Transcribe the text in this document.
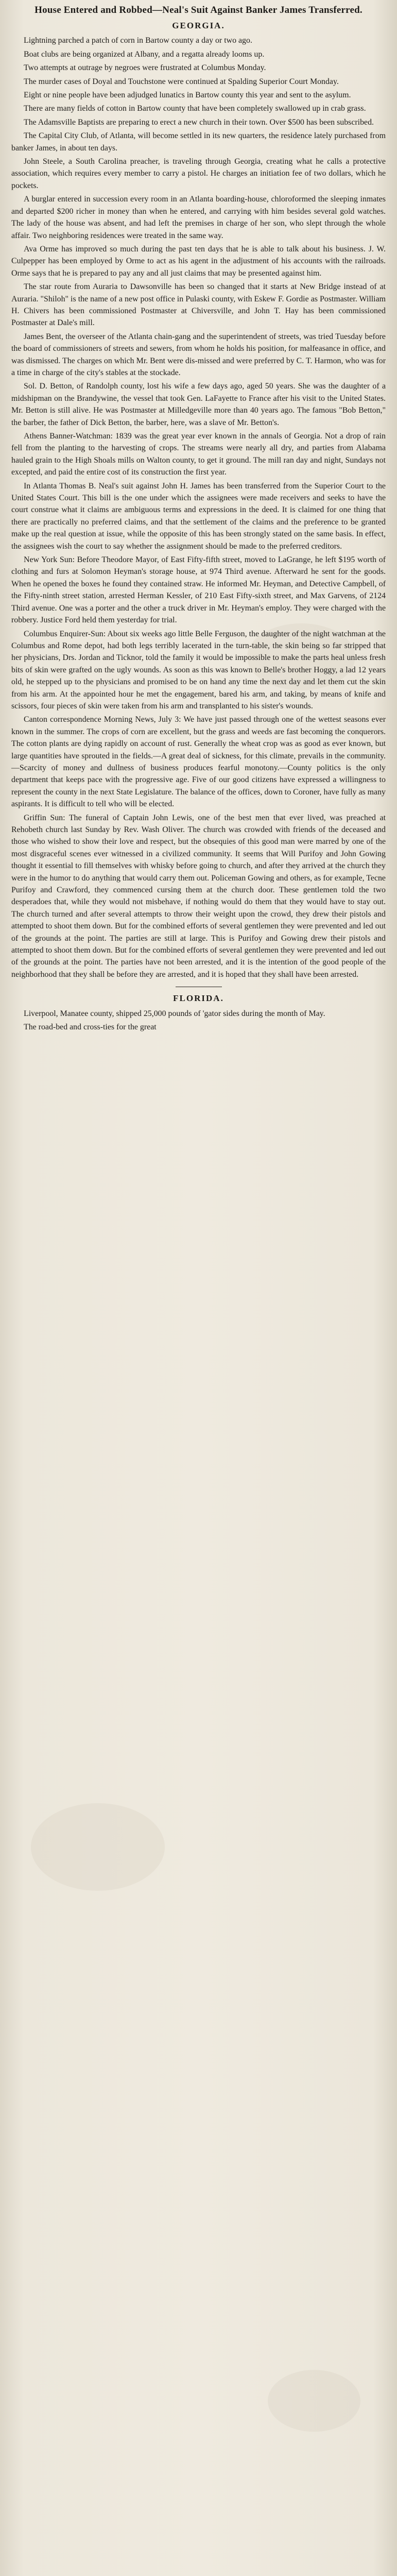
House Entered and Robbed—Neal's Suit Against Banker James Transferred.
GEORGIA.

Lightning parched a patch of corn in Bartow county a day or two ago.

Boat clubs are being organized at Albany, and a regatta already looms up.

Two attempts at outrage by negroes were frustrated at Columbus Monday.

The murder cases of Doyal and Touchstone were continued at Spalding Superior Court Monday.

Eight or nine people have been adjudged lunatics in Bartow county this year and sent to the asylum.

There are many fields of cotton in Bartow county that have been completely swallowed up in crab grass.

The Adamsville Baptists are preparing to erect a new church in their town. Over $500 has been subscribed.

The Capital City Club, of Atlanta, will become settled in its new quarters, the residence lately purchased from banker James, in about ten days.

John Steele, a South Carolina preacher, is traveling through Georgia, creating what he calls a protective association, which requires every member to carry a pistol. He charges an initiation fee of two dollars, which he pockets.

A burglar entered in succession every room in an Atlanta boarding-house, chloroformed the sleeping inmates and departed $200 richer in money than when he entered, and carrying with him besides several gold watches. The lady of the house was absent, and had left the premises in charge of her son, who slept through the whole affair. Two neighboring residences were treated in the same way.

Ava Orme has improved so much during the past ten days that he is able to talk about his business. J. W. Culpepper has been employed by Orme to act as his agent in the adjustment of his accounts with the railroads. Orme says that he is prepared to pay any and all just claims that may be presented against him.

The star route from Auraria to Dawsonville has been so changed that it starts at New Bridge instead of at Auraria. "Shiloh" is the name of a new post office in Pulaski county, with Eskew F. Gordie as Postmaster. William H. Chivers has been commissioned Postmaster at Chiversville, and John T. Hay has been commissioned Postmaster at Dale's mill.

James Bent, the overseer of the Atlanta chain-gang and the superintendent of streets, was tried Tuesday before the board of commissioners of streets and sewers, from whom he holds his position, for malfeasance in office, and was dismissed. The charges on which Mr. Bent were dis-missed and were preferred by C. T. Harmon, who was for a time in charge of the city's stables at the stockade.

Sol. D. Betton, of Randolph county, lost his wife a few days ago, aged 50 years. She was the daughter of a midshipman on the Brandywine, the vessel that took Gen. LaFayette to France after his visit to the United States. Mr. Betton is still alive. He was Postmaster at Milledgeville more than 40 years ago. The famous "Bob Betton," the barber, the father of Dick Betton, the barber, here, was a slave of Mr. Betton's.

Athens Banner-Watchman: 1839 was the great year ever known in the annals of Georgia. Not a drop of rain fell from the planting to the harvesting of crops. The streams were nearly all dry, and parties from Alabama hauled grain to the High Shoals mills on Walton county, to get it ground. The mill ran day and night, Sundays not excepted, and paid the entire cost of its construction the first year.

In Atlanta Thomas B. Neal's suit against John H. James has been transferred from the Superior Court to the United States Court. This bill is the one under which the assignees were made receivers and seeks to have the court construe what it claims are ambiguous terms and expressions in the deed. It is claimed for one thing that there are practically no preferred claims, and that the settlement of the claims and the preference to be granted make up the real question at issue, while the opposite of this has been strongly stated on the same basis. In effect, the assignees wish the court to say whether the assignment should be made to the preferred creditors.

New York Sun: Before Theodore Mayor, of East Fifty-fifth street, moved to LaGrange, he left $195 worth of clothing and furs at Solomon Heyman's storage house, at 974 Third avenue. Afterward he sent for the goods. When he opened the boxes he found they contained straw. He informed Mr. Heyman, and Detective Campbell, of the Fifty-ninth street station, arrested Herman Kessler, of 210 East Fifty-sixth street, and Max Garvens, of 2124 Third avenue. One was a porter and the other a truck driver in Mr. Heyman's employ. They were charged with the robbery. Justice Ford held them yesterday for trial.

Columbus Enquirer-Sun: About six weeks ago little Belle Ferguson, the daughter of the night watchman at the Columbus and Rome depot, had both legs terribly lacerated in the turn-table, the skin being so far stripped that her physicians, Drs. Jordan and Ticknor, told the family it would be impossible to make the parts heal unless fresh bits of skin were grafted on the ugly wounds. As soon as this was known to Belle's brother Hoggy, a lad 12 years old, he stepped up to the physicians and promised to be on hand any time the next day and let them cut the skin from his arm. At the appointed hour he met the engagement, bared his arm, and taking, by means of knife and scissors, four pieces of skin were taken from his arm and transplanted to his sister's wounds.

Canton correspondence Morning News, July 3: We have just passed through one of the wettest seasons ever known in the summer. The crops of corn are excellent, but the grass and weeds are fast becoming the conquerors. The cotton plants are dying rapidly on account of rust. Generally the wheat crop was as good as ever known, but large quantities have sprouted in the fields.—A great deal of sickness, for this climate, prevails in the community.—Scarcity of money and dullness of business produces fearful monotony.—County politics is the only department that keeps pace with the progressive age. Five of our good citizens have expressed a willingness to represent the county in the next State Legislature. The balance of the offices, down to Coroner, have fully as many aspirants. It is difficult to tell who will be elected.

Griffin Sun: The funeral of Captain John Lewis, one of the best men that ever lived, was preached at Rehobeth church last Sunday by Rev. Wash Oliver. The church was crowded with friends of the deceased and those who wished to show their love and respect, but the obsequies of this good man were marred by one of the most disgraceful scenes ever witnessed in a civilized community. It seems that Will Purifoy and John Gowing thought it essential to fill themselves with whisky before going to church, and after they arrived at the church they were in the humor to do anything that would carry them out. Policeman Gowing and others, as for example, Tecne Purifoy and Crawford, they commenced cursing them at the church door. These gentlemen told the two desperadoes that, while they would not misbehave, if nothing would do them that they would have to stay out. The church turned and after several attempts to throw their weight upon the crowd, they drew their pistols and attempted to shoot them down. But for the combined efforts of several gentlemen they were prevented and led out of the grounds at the point. The parties are still at large. This is Purifoy and Gowing drew their pistols and attempted to shoot them down. But for the combined efforts of several gentlemen they were prevented and led out of the grounds at the point. The parties have not been arrested, and it is the intention of the good people of the neighborhood that they shall be before they are arrested, and it is hoped that they shall have been arrested.

FLORIDA.

Liverpool, Manatee county, shipped 25,000 pounds of 'gator sides during the month of May.

The road-bed and cross-ties for the great
